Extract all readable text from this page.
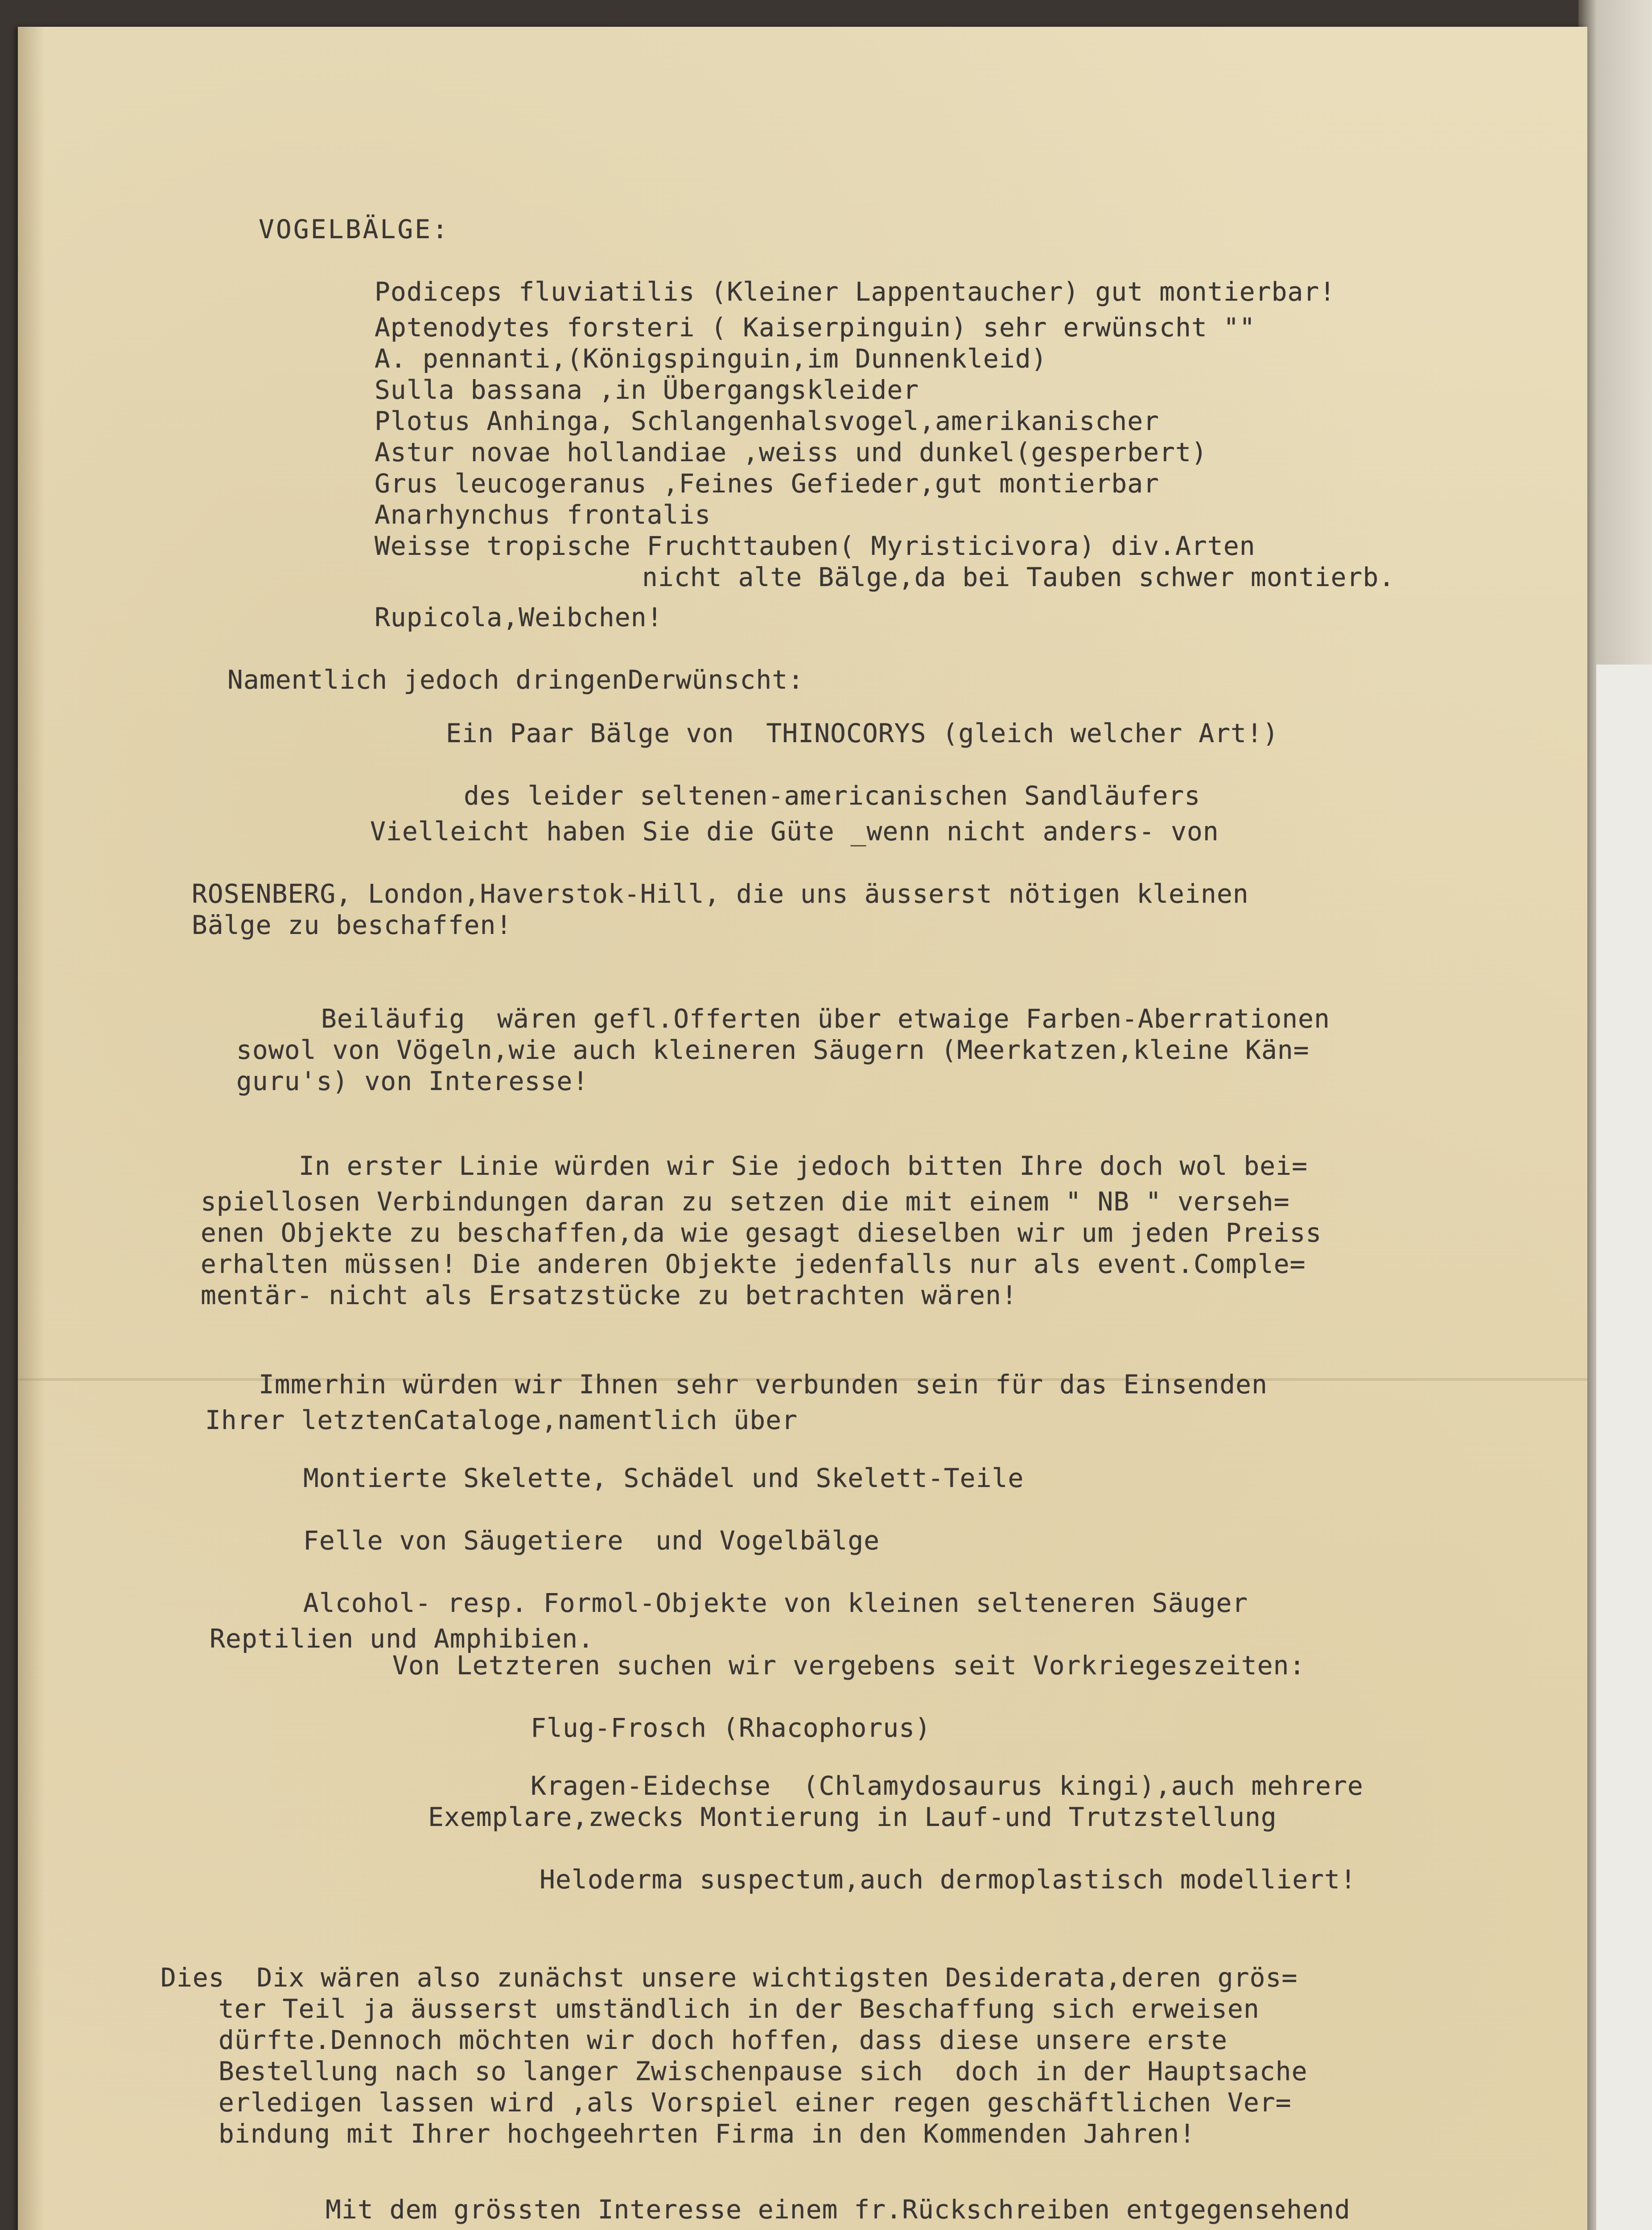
VOGELBÄLGE:
Podiceps fluviatilis (Kleiner Lappentaucher) gut montierbar!
Aptenodytes forsteri ( Kaiserpinguin) sehr erwünscht ""
A. pennanti,(Königspinguin,im Dunnenkleid)
Sulla bassana ,in Übergangskleider
Plotus Anhinga, Schlangenhalsvogel,amerikanischer
Astur novae hollandiae ,weiss und dunkel(gesperbert)
Grus leucogeranus ,Feines Gefieder,gut montierbar
Anarhynchus frontalis
Weisse tropische Fruchttauben( Myristicivora) div.Arten
nicht alte Bälge,da bei Tauben schwer montierb.
Rupicola,Weibchen!
Namentlich jedoch dringenDerwünscht:
Ein Paar Bälge von  THINOCORYS (gleich welcher Art!)
des leider seltenen-americanischen Sandläufers
Vielleicht haben Sie die Güte _wenn nicht anders- von
ROSENBERG, London,Haverstok-Hill, die uns äusserst nötigen kleinen
Bälge zu beschaffen!
Beiläufig  wären gefl.Offerten über etwaige Farben-Aberrationen
sowol von Vögeln,wie auch kleineren Säugern (Meerkatzen,kleine Kän=
guru's) von Interesse!
In erster Linie würden wir Sie jedoch bitten Ihre doch wol bei=
spiellosen Verbindungen daran zu setzen die mit einem " NB " verseh=
enen Objekte zu beschaffen,da wie gesagt dieselben wir um jeden Preiss
erhalten müssen! Die anderen Objekte jedenfalls nur als event.Comple=
mentär- nicht als Ersatzstücke zu betrachten wären!
Immerhin würden wir Ihnen sehr verbunden sein für das Einsenden
Ihrer letztenCataloge,namentlich über
Montierte Skelette, Schädel und Skelett-Teile
Felle von Säugetiere  und Vogelbälge
Alcohol- resp. Formol-Objekte von kleinen selteneren Säuger
Reptilien und Amphibien.
Von Letzteren suchen wir vergebens seit Vorkriegeszeiten:
Flug-Frosch (Rhacophorus)
Kragen-Eidechse  (Chlamydosaurus kingi),auch mehrere
Exemplare,zwecks Montierung in Lauf-und Trutzstellung
Heloderma suspectum,auch dermoplastisch modelliert!
Dies  Dix wären also zunächst unsere wichtigsten Desiderata,deren grös=
ter Teil ja äusserst umständlich in der Beschaffung sich erweisen
dürfte.Dennoch möchten wir doch hoffen, dass diese unsere erste
Bestellung nach so langer Zwischenpause sich  doch in der Hauptsache
erledigen lassen wird ,als Vorspiel einer regen geschäftlichen Ver=
bindung mit Ihrer hochgeehrten Firma in den Kommenden Jahren!
Mit dem grössten Interesse einem fr.Rückschreiben entgegensehend
